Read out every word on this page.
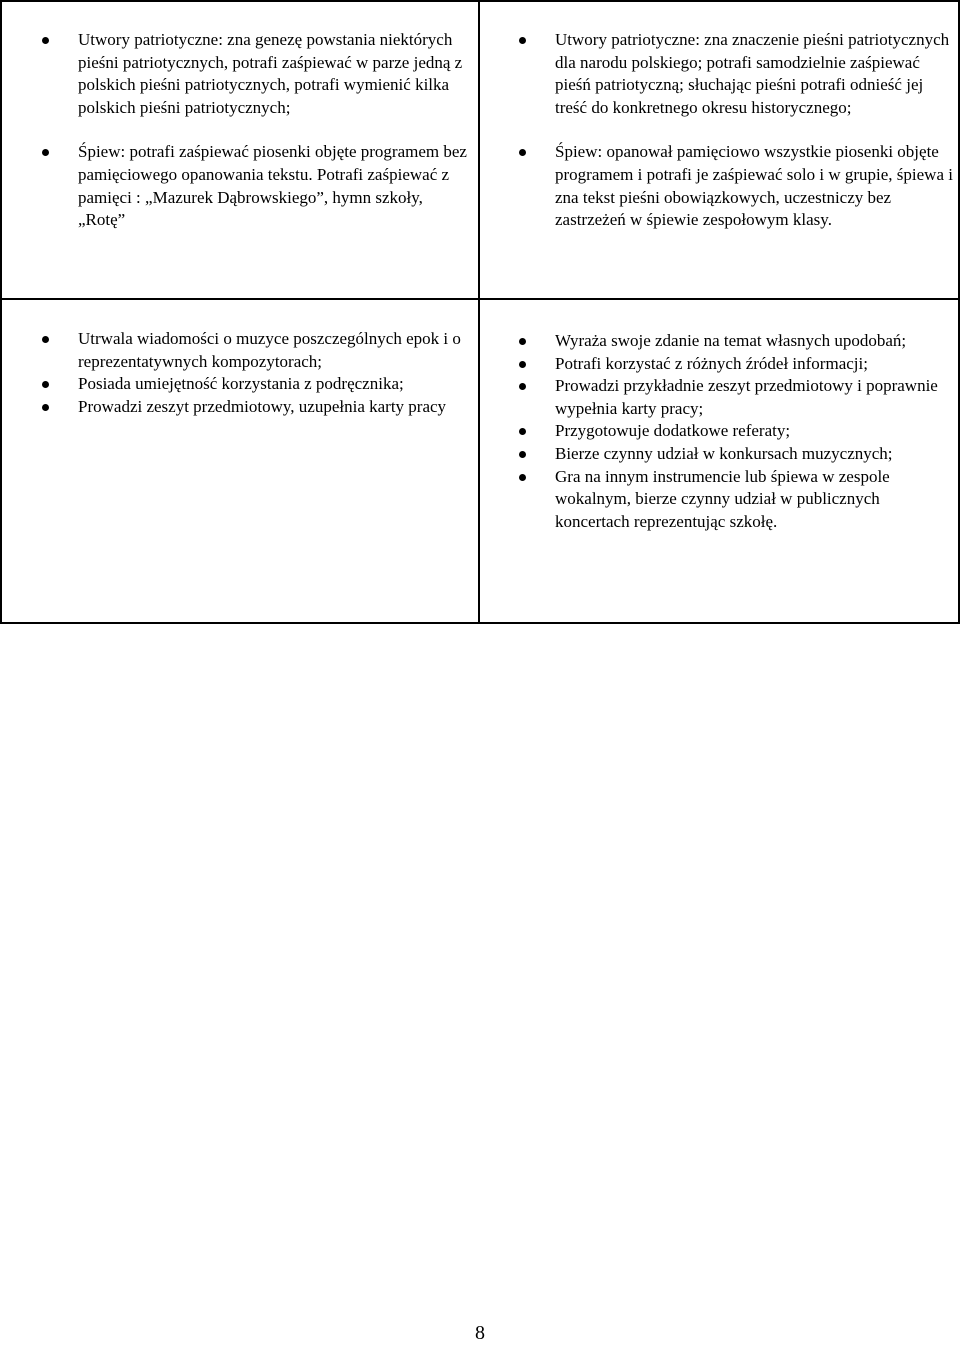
Utwory patriotyczne: zna genezę powstania niektórych pieśni patriotycznych, potrafi zaśpiewać w parze jedną z polskich pieśni patriotycznych, potrafi wymienić kilka polskich pieśni patriotycznych;
Śpiew: potrafi zaśpiewać piosenki objęte programem bez pamięciowego opanowania tekstu. Potrafi zaśpiewać z pamięci : „Mazurek Dąbrowskiego”, hymn szkoły, „Rotę”
Utwory patriotyczne: zna znaczenie pieśni patriotycznych dla narodu polskiego; potrafi samodzielnie zaśpiewać pieśń patriotyczną; słuchając pieśni potrafi odnieść jej treść do konkretnego okresu historycznego;
Śpiew: opanował pamięciowo wszystkie piosenki objęte programem i potrafi je zaśpiewać solo i w grupie, śpiewa i zna tekst pieśni obowiązkowych, uczestniczy bez zastrzeżeń w śpiewie zespołowym klasy.
Utrwala wiadomości o muzyce poszczególnych epok i o reprezentatywnych kompozytorach;
Posiada umiejętność korzystania z podręcznika;
Prowadzi zeszyt przedmiotowy, uzupełnia karty pracy
Wyraża swoje zdanie na temat własnych upodobań;
Potrafi korzystać z różnych źródeł informacji;
Prowadzi przykładnie zeszyt przedmiotowy i poprawnie wypełnia karty pracy;
Przygotowuje dodatkowe referaty;
Bierze czynny udział w konkursach muzycznych;
Gra na innym instrumencie lub śpiewa w zespole wokalnym, bierze czynny udział w publicznych koncertach reprezentując szkołę.
8
